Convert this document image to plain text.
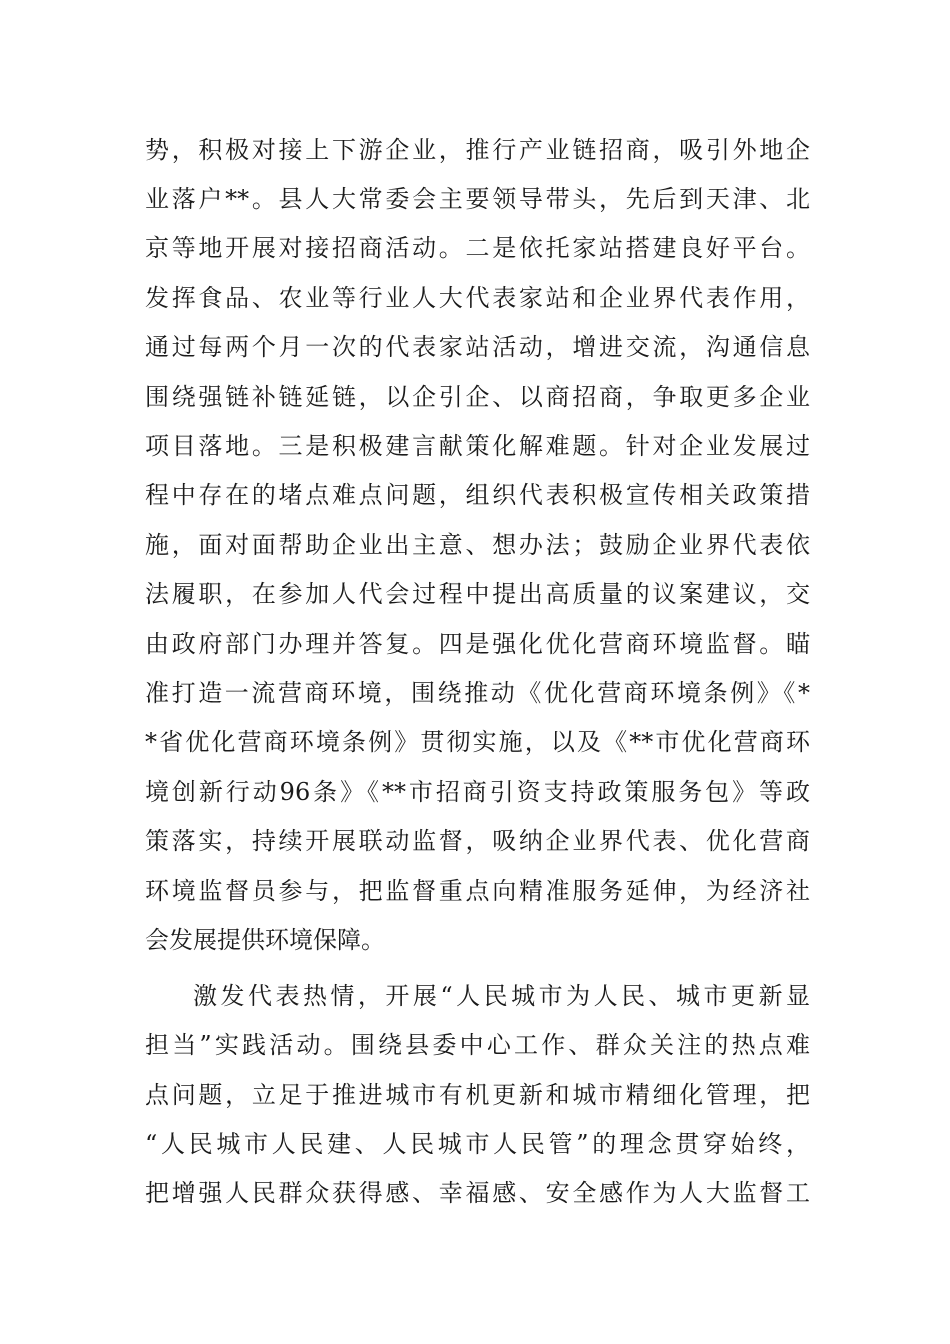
势，积极对接上下游企业，推行产业链招商，吸引外地企
业落户**。县人大常委会主要领导带头，先后到天津、北
京等地开展对接招商活动。二是依托家站搭建良好平台。
发挥食品、农业等行业人大代表家站和企业界代表作用，
通过每两个月一次的代表家站活动，增进交流，沟通信息
围绕强链补链延链，以企引企、以商招商，争取更多企业
项目落地。三是积极建言献策化解难题。针对企业发展过
程中存在的堵点难点问题，组织代表积极宣传相关政策措
施，面对面帮助企业出主意、想办法；鼓励企业界代表依
法履职，在参加人代会过程中提出高质量的议案建议，交
由政府部门办理并答复。四是强化优化营商环境监督。瞄
准打造一流营商环境，围绕推动《优化营商环境条例》《*
*省优化营商环境条例》贯彻实施，以及《**市优化营商环
境创新行动96条》《**市招商引资支持政策服务包》等政
策落实，持续开展联动监督，吸纳企业界代表、优化营商
环境监督员参与，把监督重点向精准服务延伸，为经济社
会发展提供环境保障。
激发代表热情，开展“人民城市为人民、城市更新显
担当”实践活动。围绕县委中心工作、群众关注的热点难
点问题，立足于推进城市有机更新和城市精细化管理，把
“人民城市人民建、人民城市人民管”的理念贯穿始终，
把增强人民群众获得感、幸福感、安全感作为人大监督工
